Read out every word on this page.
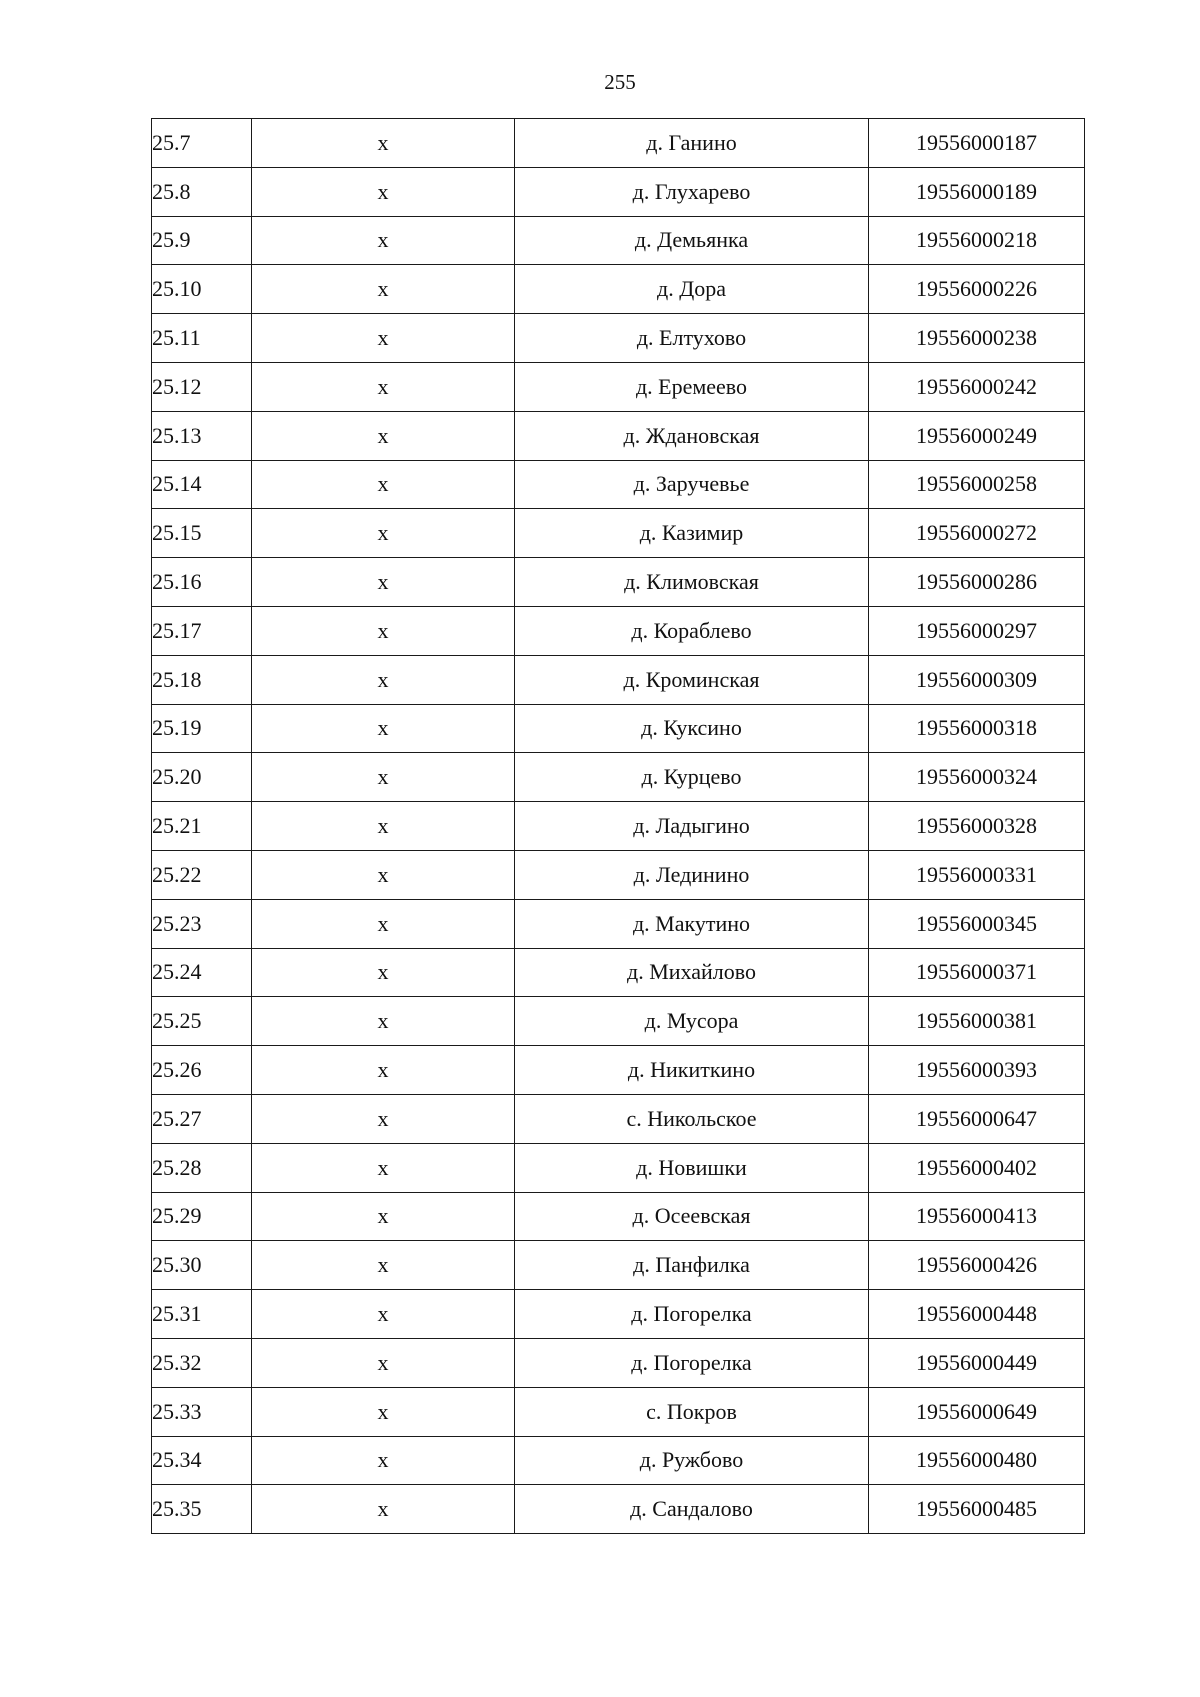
255
25.7	х	д. Ганино	19556000187
25.8	х	д. Глухарево	19556000189
25.9	х	д. Демьянка	19556000218
25.10	х	д. Дора	19556000226
25.11	х	д. Елтухово	19556000238
25.12	х	д. Еремеево	19556000242
25.13	х	д. Ждановская	19556000249
25.14	х	д. Заручевье	19556000258
25.15	х	д. Казимир	19556000272
25.16	х	д. Климовская	19556000286
25.17	х	д. Кораблево	19556000297
25.18	х	д. Кроминская	19556000309
25.19	х	д. Куксино	19556000318
25.20	х	д. Курцево	19556000324
25.21	х	д. Ладыгино	19556000328
25.22	х	д. Лединино	19556000331
25.23	х	д. Макутино	19556000345
25.24	х	д. Михайлово	19556000371
25.25	х	д. Мусора	19556000381
25.26	х	д. Никиткино	19556000393
25.27	х	с. Никольское	19556000647
25.28	х	д. Новишки	19556000402
25.29	х	д. Осеевская	19556000413
25.30	х	д. Панфилка	19556000426
25.31	х	д. Погорелка	19556000448
25.32	х	д. Погорелка	19556000449
25.33	х	с. Покров	19556000649
25.34	х	д. Ружбово	19556000480
25.35	х	д. Сандалово	19556000485
